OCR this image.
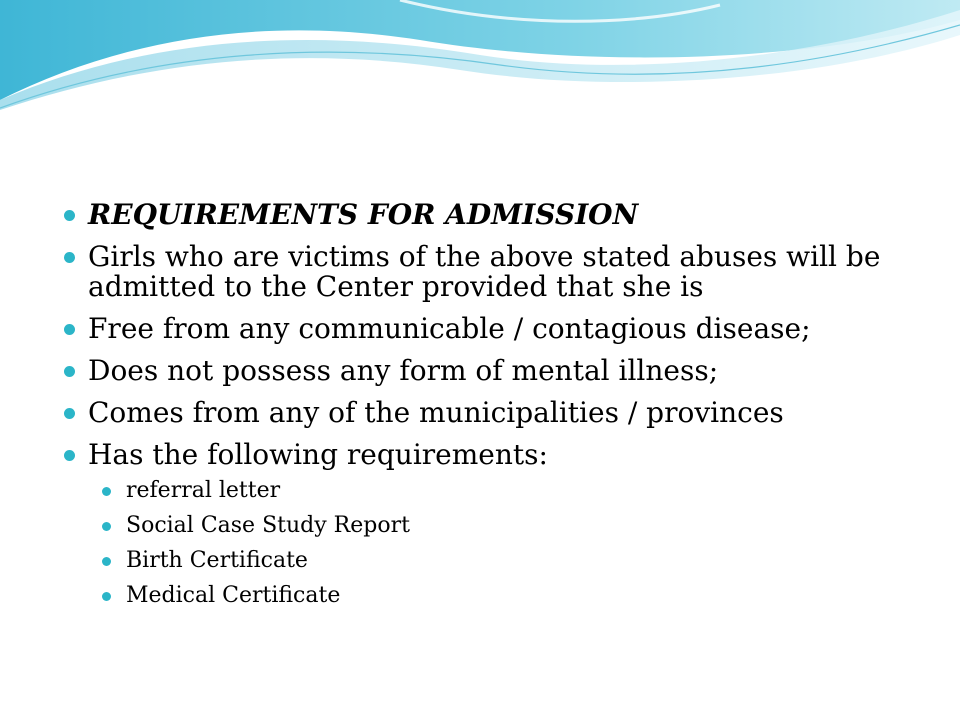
REQUIREMENTS FOR ADMISSION
Girls who are victims of the above stated abuses will be admitted to the Center provided that she is
Free from any communicable / contagious disease;
Does not possess any form of mental illness;
Comes from any of the municipalities / provinces
Has the following requirements:
referral letter
Social Case Study Report
Birth Certificate
Medical Certificate
